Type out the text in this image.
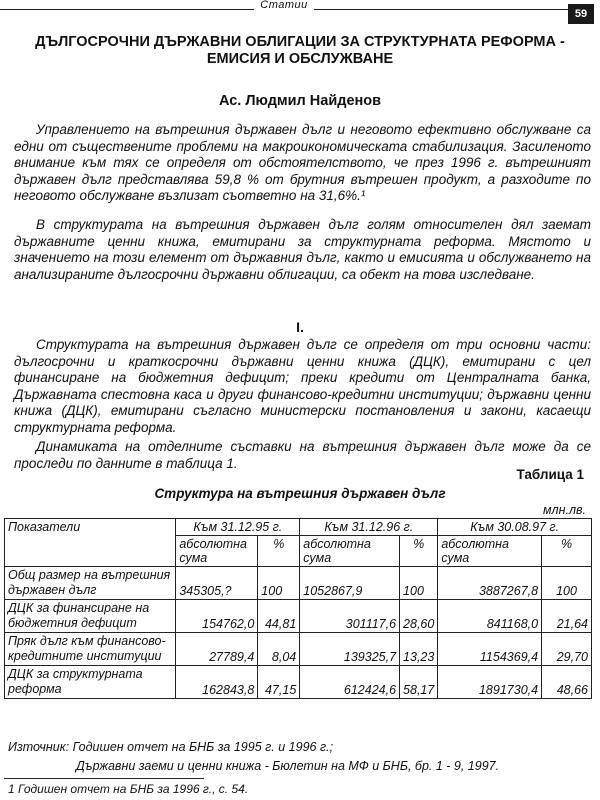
Статии
59
ДЪЛГОСРОЧНИ ДЪРЖАВНИ ОБЛИГАЦИИ ЗА СТРУКТУРНАТА РЕФОРМА - ЕМИСИЯ И ОБСЛУЖВАНЕ
Ас. Людмил Найденов

Управлението на вътрешния държавен дълг и неговото ефективно обслужване са едни от съществените проблеми на макроикономическата стабилизация. Засиленото внимание към тях се определя от обстоятелството, че през 1996 г. вътрешният държавен дълг представлява 59,8 % от брутния вътрешен продукт, а разходите по неговото обслужване възлизат съответно на 31,6%.¹

В структурата на вътрешния държавен дълг голям относителен дял заемат държавните ценни книжа, емитирани за структурната реформа. Мястото и значението на този елемент от държавния дълг, както и емисията и обслужването на анализираните дългосрочни държавни облигации, са обект на това изследване.

I.

Структурата на вътрешния държавен дълг се определя от три основни части: дългосрочни и краткосрочни държавни ценни книжа (ДЦК), емитирани с цел финансиране на бюджетния дефицит; преки кредити от Централната банка, Държавната спестовна каса и други финансово-кредитни институции; държавни ценни книжа (ДЦК), емитирани съгласно министерски постановления и закони, касаещи структурната реформа.

Динамиката на отделните съставки на вътрешния държавен дълг може да се проследи по данните в таблица 1.

Таблица 1
Структура на вътрешния държавен дълг
млн.лв.
Показатели	Към 31.12.95 г.		Към 31.12.96 г.		Към 30.08.97 г.	
	абсолютна сума	%	абсолютна сума	%	абсолютна сума	%
Общ размер на вътрешния държавен дълг	345305,?	100	1052867,9	100	3887267,8	100
ДЦК за финансиране на бюджетния дефицит	154762,0	44,81	301117,6	28,60	841168,0	21,64
Пряк дълг към финансово-кредитните институции	27789,4	8,04	139325,7	13,23	1154369,4	29,70
ДЦК за структурната реформа	162843,8	47,15	612424,6	58,17	1891730,4	48,66
Източник: Годишен отчет на БНБ за 1995 г. и 1996 г.;
Държавни заеми и ценни книжа - Бюлетин на МФ и БНБ, бр. 1 - 9, 1997.
1 Годишен отчет на БНБ за 1996 г., с. 54.
